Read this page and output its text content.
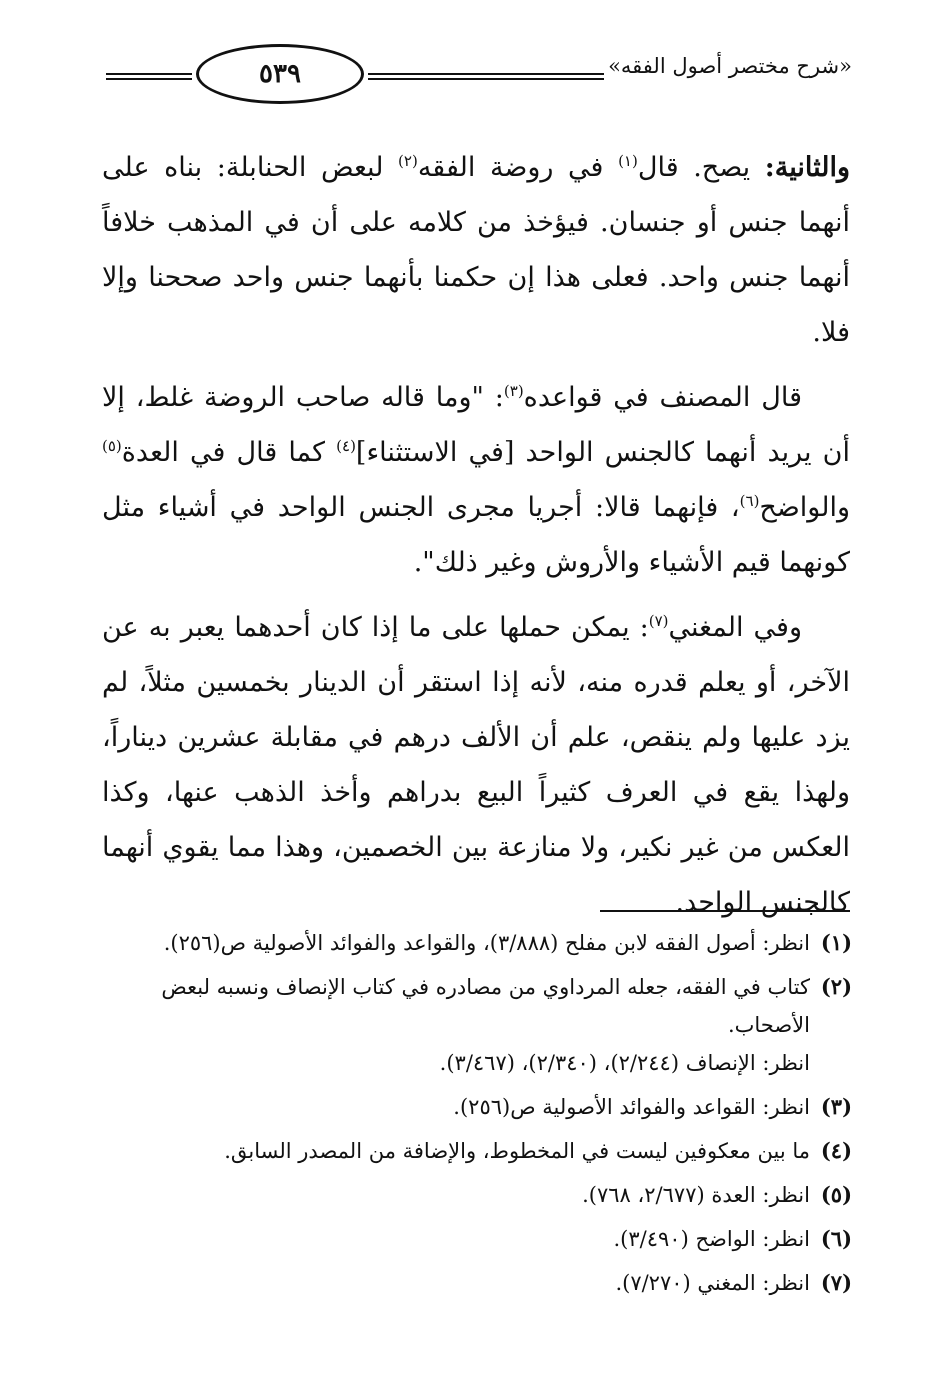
«شرح مختصر أصول الفقه»
٥٣٩

والثانية: يصح. قال$^{(١)}$ في روضة الفقه$^{(٢)}$ لبعض الحنابلة: بناه على أنهما جنس أو جنسان. فيؤخذ من كلامه على أن في المذهب خلافاً أنهما جنس واحد. فعلى هذا إن حكمنا بأنهما جنس واحد صححنا وإلا فلا.

قال المصنف في قواعده$^{(٣)}$: "وما قاله صاحب الروضة غلط، إلا أن يريد أنهما كالجنس الواحد [في الاستثناء]$^{(٤)}$ كما قال في العدة$^{(٥)}$ والواضح$^{(٦)}$، فإنهما قالا: أجريا مجرى الجنس الواحد في أشياء مثل كونهما قيم الأشياء والأروش وغير ذلك".

وفي المغني$^{(٧)}$: يمكن حملها على ما إذا كان أحدهما يعبر به عن الآخر، أو يعلم قدره منه، لأنه إذا استقر أن الدينار بخمسين مثلاً، لم يزد عليها ولم ينقص، علم أن الألف درهم في مقابلة عشرين ديناراً، ولهذا يقع في العرف كثيراً البيع بدراهم وأخذ الذهب عنها، وكذا العكس من غير نكير، ولا منازعة بين الخصمين، وهذا مما يقوي أنهما كالجنس الواحد.

(١)
انظر: أصول الفقه لابن مفلح (٣/٨٨٨)، والقواعد والفوائد الأصولية ص(٢٥٦).
(٢)
كتاب في الفقه، جعله المرداوي من مصادره في كتاب الإنصاف ونسبه لبعض الأصحاب.
انظر: الإنصاف (٢/٢٤٤)، (٢/٣٤٠)، (٣/٤٦٧).
(٣)
انظر: القواعد والفوائد الأصولية ص(٢٥٦).
(٤)
ما بين معكوفين ليست في المخطوط، والإضافة من المصدر السابق.
(٥)
انظر: العدة (٢/٦٧٧، ٧٦٨).
(٦)
انظر: الواضح (٣/٤٩٠).
(٧)
انظر: المغني (٧/٢٧٠).
